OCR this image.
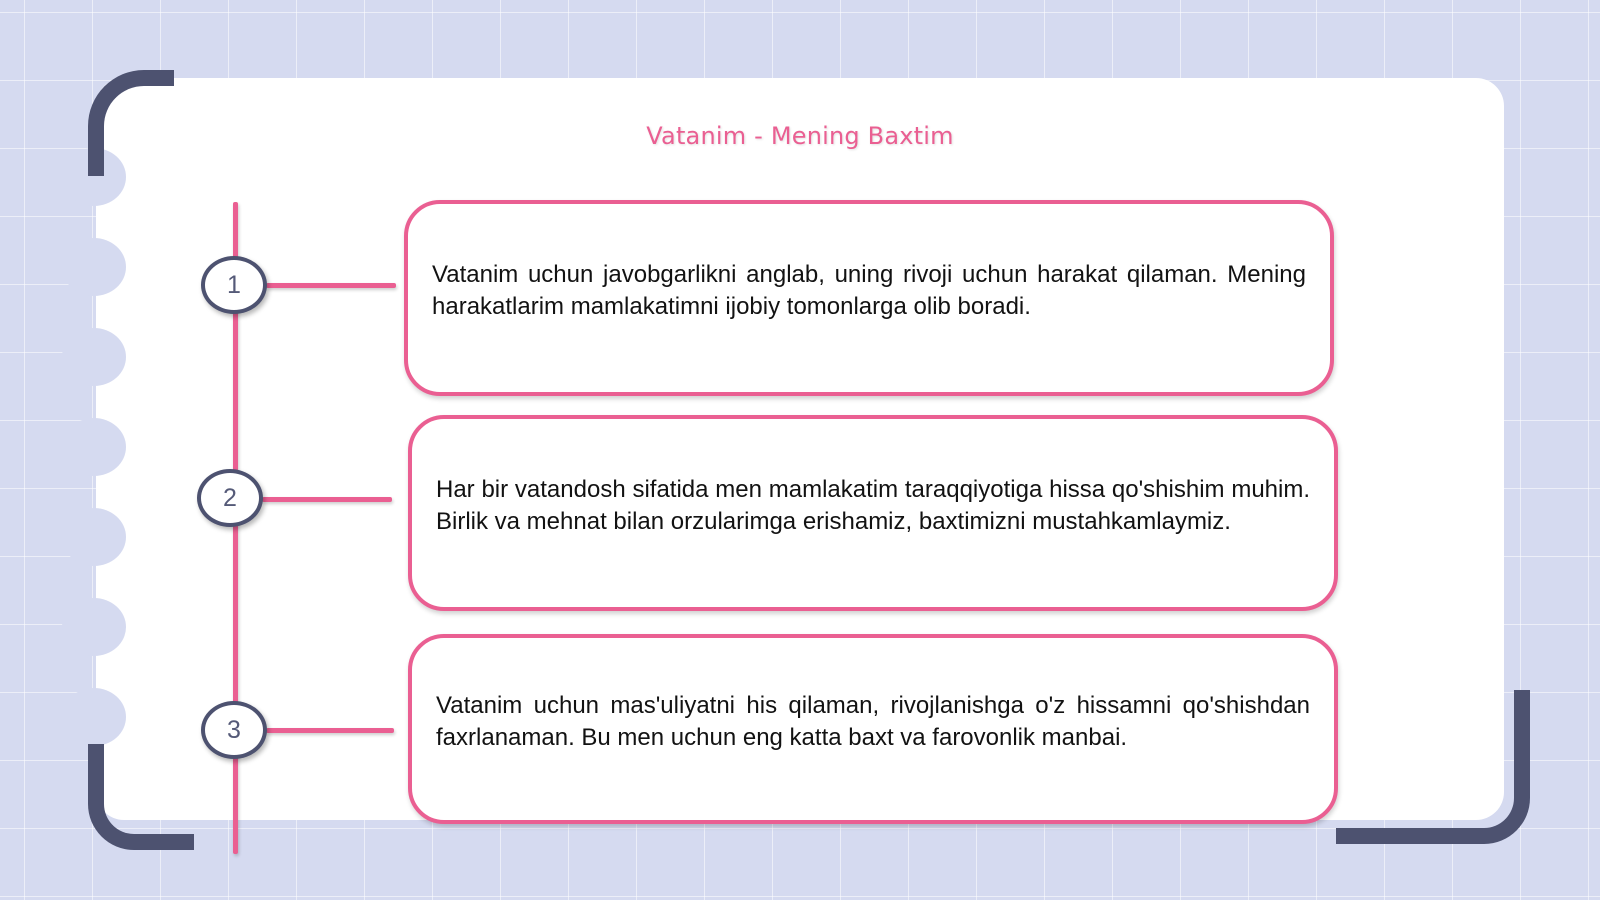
Vatanim - Mening Baxtim
1	Vatanim uchun javobgarlikni anglab, uning rivoji uchun harakat qilaman. Mening harakatlarim mamlakatimni ijobiy tomonlarga olib boradi.
2	Har bir vatandosh sifatida men mamlakatim taraqqiyotiga hissa qo'shishim muhim. Birlik va mehnat bilan orzularimga erishamiz, baxtimizni mustahkamlaymiz.
3
Vatanim uchun mas'uliyatni his qilaman, rivojlanishga o'z hissamni qo'shishdan faxrlanaman. Bu men uchun eng katta baxt va farovonlik manbai.
